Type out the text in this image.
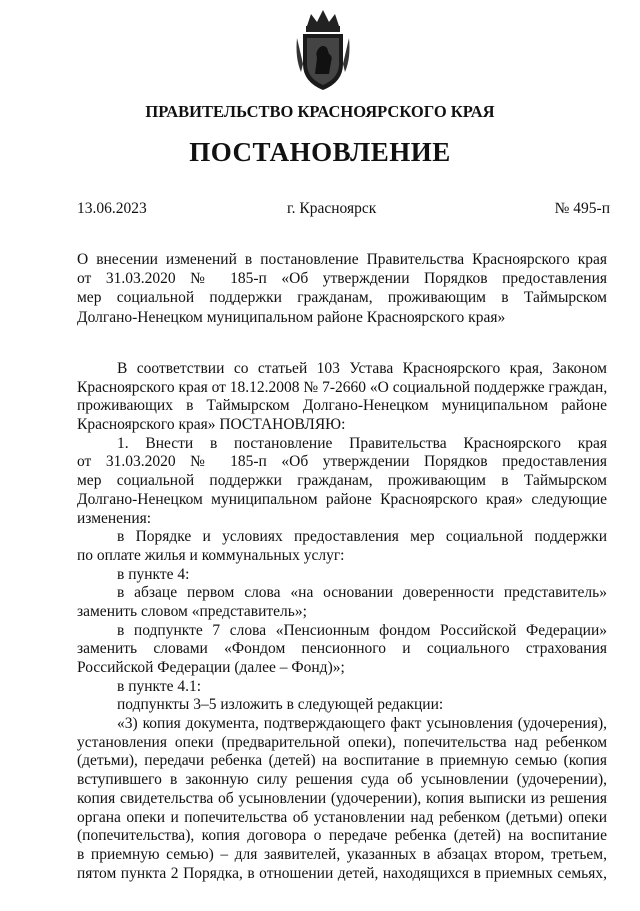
ПРАВИТЕЛЬСТВО КРАСНОЯРСКОГО КРАЯ
ПОСТАНОВЛЕНИЕ
13.06.2023	г. Красноярск	№ 495-п
О внесении изменений в постановление Правительства Красноярского края
от 31.03.2020 № 185-п «Об утверждении Порядков предоставления
мер социальной поддержки гражданам, проживающим в Таймырском
Долгано-Ненецком муниципальном районе Красноярского края»
В соответствии со статьей 103 Устава Красноярского края, Законом
Красноярского края от 18.12.2008 № 7-2660 «О социальной поддержке граждан,
проживающих в Таймырском Долгано-Ненецком муниципальном районе
Красноярского края» ПОСТАНОВЛЯЮ:
1. Внести в постановление Правительства Красноярского края
от 31.03.2020 № 185-п «Об утверждении Порядков предоставления
мер социальной поддержки гражданам, проживающим в Таймырском
Долгано-Ненецком муниципальном районе Красноярского края» следующие
изменения:
в Порядке и условиях предоставления мер социальной поддержки
по оплате жилья и коммунальных услуг:
в пункте 4:
в абзаце первом слова «на основании доверенности представитель»
заменить словом «представитель»;
в подпункте 7 слова «Пенсионным фондом Российской Федерации»
заменить словами «Фондом пенсионного и социального страхования
Российской Федерации (далее – Фонд)»;
в пункте 4.1:
подпункты 3–5 изложить в следующей редакции:
«3) копия документа, подтверждающего факт усыновления (удочерения),
установления опеки (предварительной опеки), попечительства над ребенком
(детьми), передачи ребенка (детей) на воспитание в приемную семью (копия
вступившего в законную силу решения суда об усыновлении (удочерении),
копия свидетельства об усыновлении (удочерении), копия выписки из решения
органа опеки и попечительства об установлении над ребенком (детьми) опеки
(попечительства), копия договора о передаче ребенка (детей) на воспитание
в приемную семью) – для заявителей, указанных в абзацах втором, третьем,
пятом пункта 2 Порядка, в отношении детей, находящихся в приемных семьях,
